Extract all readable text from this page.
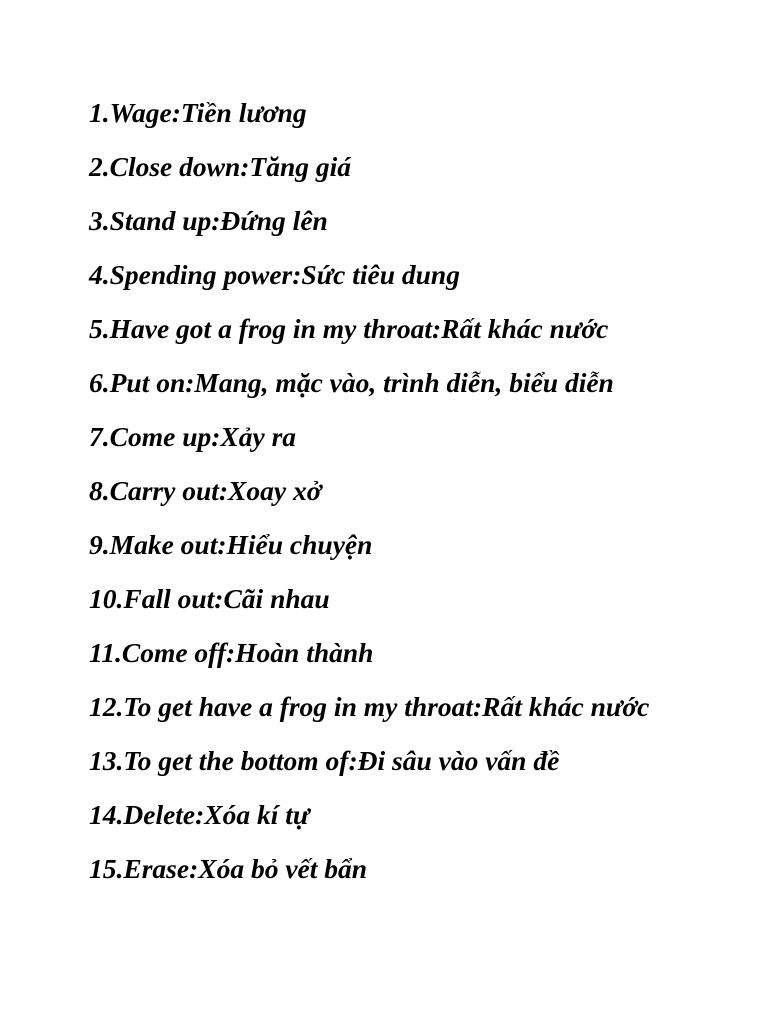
1.Wage:Tiền lương
2.Close down:Tăng giá
3.Stand up:Đứng lên
4.Spending power:Sức tiêu dung
5.Have got a frog in my throat:Rất khác nước
6.Put on:Mang, mặc vào, trình diễn, biểu diễn
7.Come up:Xảy ra
8.Carry out:Xoay xở
9.Make out:Hiểu chuyện
10.Fall out:Cãi nhau
11.Come off:Hoàn thành
12.To get have a frog in my throat:Rất khác nước
13.To get the bottom of:Đi sâu vào vấn đề
14.Delete:Xóa kí tự
15.Erase:Xóa bỏ vết bẩn
